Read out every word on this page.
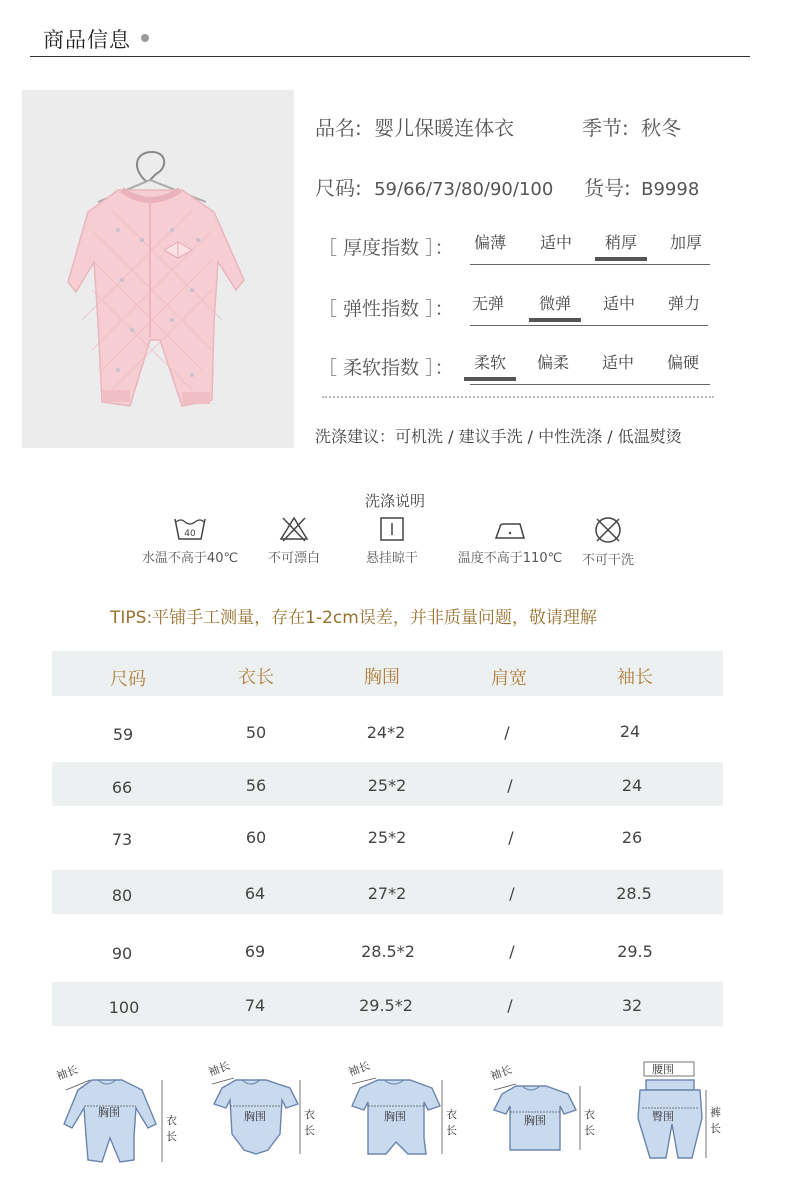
商品信息
品名: 婴儿保暖连体衣	季节: 秋冬
尺码: 59/66/73/80/90/100 货号: B9998
［ 厚度指数 ］：	偏薄	适中	稍厚	加厚
［ 弹性指数 ］：	无弹	微弹	适中	弹力
［ 柔软指数 ］：	柔软	偏柔	适中	偏硬
洗涤建议：可机洗 / 建议手洗 / 中性洗涤 / 低温熨烫
洗涤说明
40
水温不高于40℃	不可漂白	悬挂晾干	温度不高于110℃	不可干洗
TIPS:平铺手工测量，存在1-2cm误差，并非质量问题，敬请理解
尺码	衣长	胸围	肩宽	袖长
59	50	24*2	/	24
66	56	25*2	/	24
73	60	25*2	/	26
80	64	27*2	/	28.5
90	69	28.5*2	/	29.5
100	74	29.5*2	/	32
袖长
胸围
衣
长
袖长
胸围	衣
长
袖长
胸围	衣
长
袖长
胸围	衣
长
腰围
臀围	裤
长
